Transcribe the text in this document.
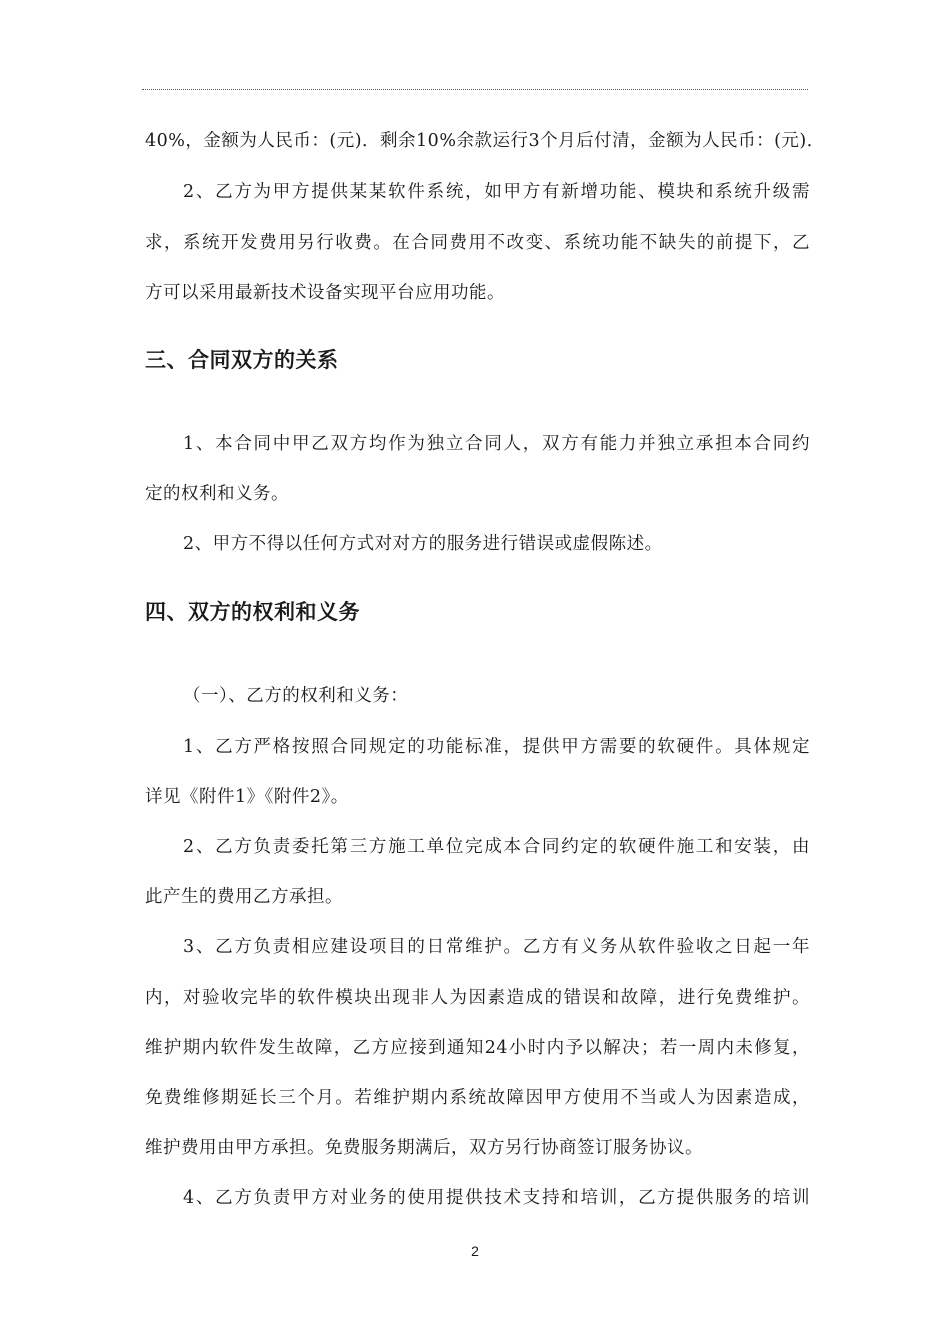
40%，金额为人民币：(元)．剩余10%余款运行3个月后付清，金额为人民币：(元)．
2、乙方为甲方提供某某软件系统，如甲方有新增功能、模块和系统升级需
求，系统开发费用另行收费。在合同费用不改变、系统功能不缺失的前提下，乙
方可以采用最新技术设备实现平台应用功能。
三、合同双方的关系
1、本合同中甲乙双方均作为独立合同人，双方有能力并独立承担本合同约
定的权利和义务。
2、甲方不得以任何方式对对方的服务进行错误或虚假陈述。
四、双方的权利和义务
（一）、乙方的权利和义务：
1、乙方严格按照合同规定的功能标准，提供甲方需要的软硬件。具体规定
详见《附件1》《附件2》。
2、乙方负责委托第三方施工单位完成本合同约定的软硬件施工和安装，由
此产生的费用乙方承担。
3、乙方负责相应建设项目的日常维护。乙方有义务从软件验收之日起一年
内，对验收完毕的软件模块出现非人为因素造成的错误和故障，进行免费维护。
维护期内软件发生故障，乙方应接到通知24小时内予以解决；若一周内未修复，
免费维修期延长三个月。若维护期内系统故障因甲方使用不当或人为因素造成，
维护费用由甲方承担。免费服务期满后，双方另行协商签订服务协议。
4、乙方负责甲方对业务的使用提供技术支持和培训，乙方提供服务的培训
2
